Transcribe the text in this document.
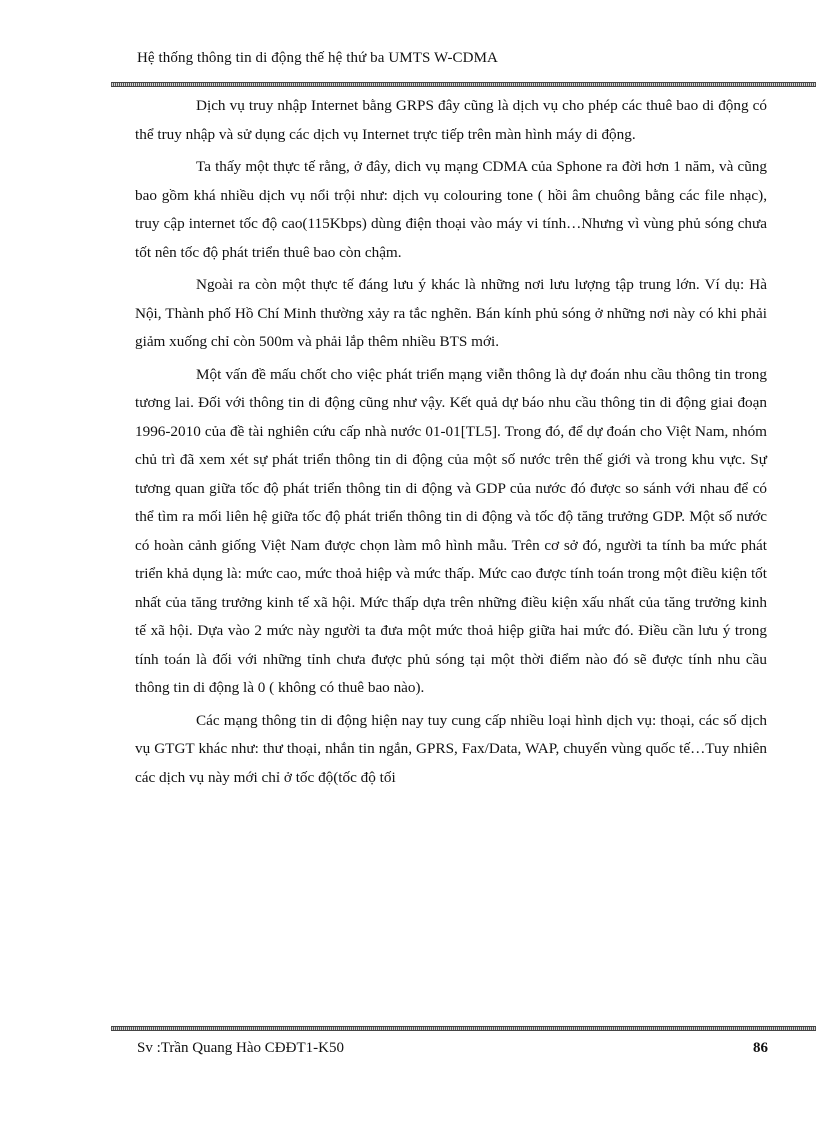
Hệ thống thông tin di động thế hệ thứ ba UMTS W-CDMA

Dịch vụ truy nhập Internet bằng GRPS đây cũng là dịch vụ cho phép các thuê bao di động có thể truy nhập và sử dụng các dịch vụ Internet trực tiếp trên màn hình máy di động.

Ta thấy một thực tế rằng, ở đây, dich vụ mạng CDMA của Sphone ra đời hơn 1 năm, và cũng bao gồm khá nhiều dịch vụ nổi trội như: dịch vụ colouring tone ( hồi âm chuông bằng các file nhạc), truy cập internet tốc độ cao(115Kbps) dùng điện thoại vào máy vi tính…Nhưng vì vùng phủ sóng chưa tốt nên tốc độ phát triển thuê bao còn chậm.

Ngoài ra còn một thực tế đáng lưu ý khác là những nơi lưu lượng tập trung lớn. Ví dụ: Hà Nội, Thành phố Hồ Chí Minh thường xảy ra tắc nghẽn. Bán kính phủ sóng ở những nơi này có khi phải giảm xuống chỉ còn 500m và phải lắp thêm nhiều BTS mới.

Một vấn đề mấu chốt cho việc phát triển mạng viễn thông là dự đoán nhu cầu thông tin trong tương lai. Đối với thông tin di động cũng như vậy. Kết quả dự báo nhu cầu thông tin di động giai đoạn 1996-2010 của đề tài nghiên cứu cấp nhà nước 01-01[TL5]. Trong đó, để dự đoán cho Việt Nam, nhóm chủ trì đã xem xét sự phát triển thông tin di động của một số nước trên thế giới và trong khu vực. Sự tương quan giữa tốc độ phát triển thông tin di động và GDP của nước đó được so sánh với nhau để có thể tìm ra mối liên hệ giữa tốc độ phát triển thông tin di động và tốc độ tăng trưởng GDP. Một số nước có hoàn cảnh giống Việt Nam được chọn làm mô hình mẫu. Trên cơ sở đó, người ta tính ba mức phát triển khả dụng là: mức cao, mức thoả hiệp và mức thấp. Mức cao được tính toán trong một điều kiện tốt nhất của tăng trưởng kinh tế xã hội. Mức thấp dựa trên những điều kiện xấu nhất của tăng trưởng kinh tế xã hội. Dựa vào 2 mức này người ta đưa một mức thoả hiệp giữa hai mức đó. Điều cần lưu ý trong tính toán là đối với những tỉnh chưa được phủ sóng tại một thời điểm nào đó sẽ được tính nhu cầu thông tin di động là 0 ( không có thuê bao nào).

Các mạng thông tin di động hiện nay tuy cung cấp nhiều loại hình dịch vụ: thoại, các số dịch vụ GTGT khác như: thư thoại, nhắn tin ngắn, GPRS, Fax/Data, WAP, chuyển vùng quốc tế…Tuy nhiên các dịch vụ này mới chỉ ở tốc độ(tốc độ tối

Sv :Trần Quang Hào CĐĐT1-K50	86
